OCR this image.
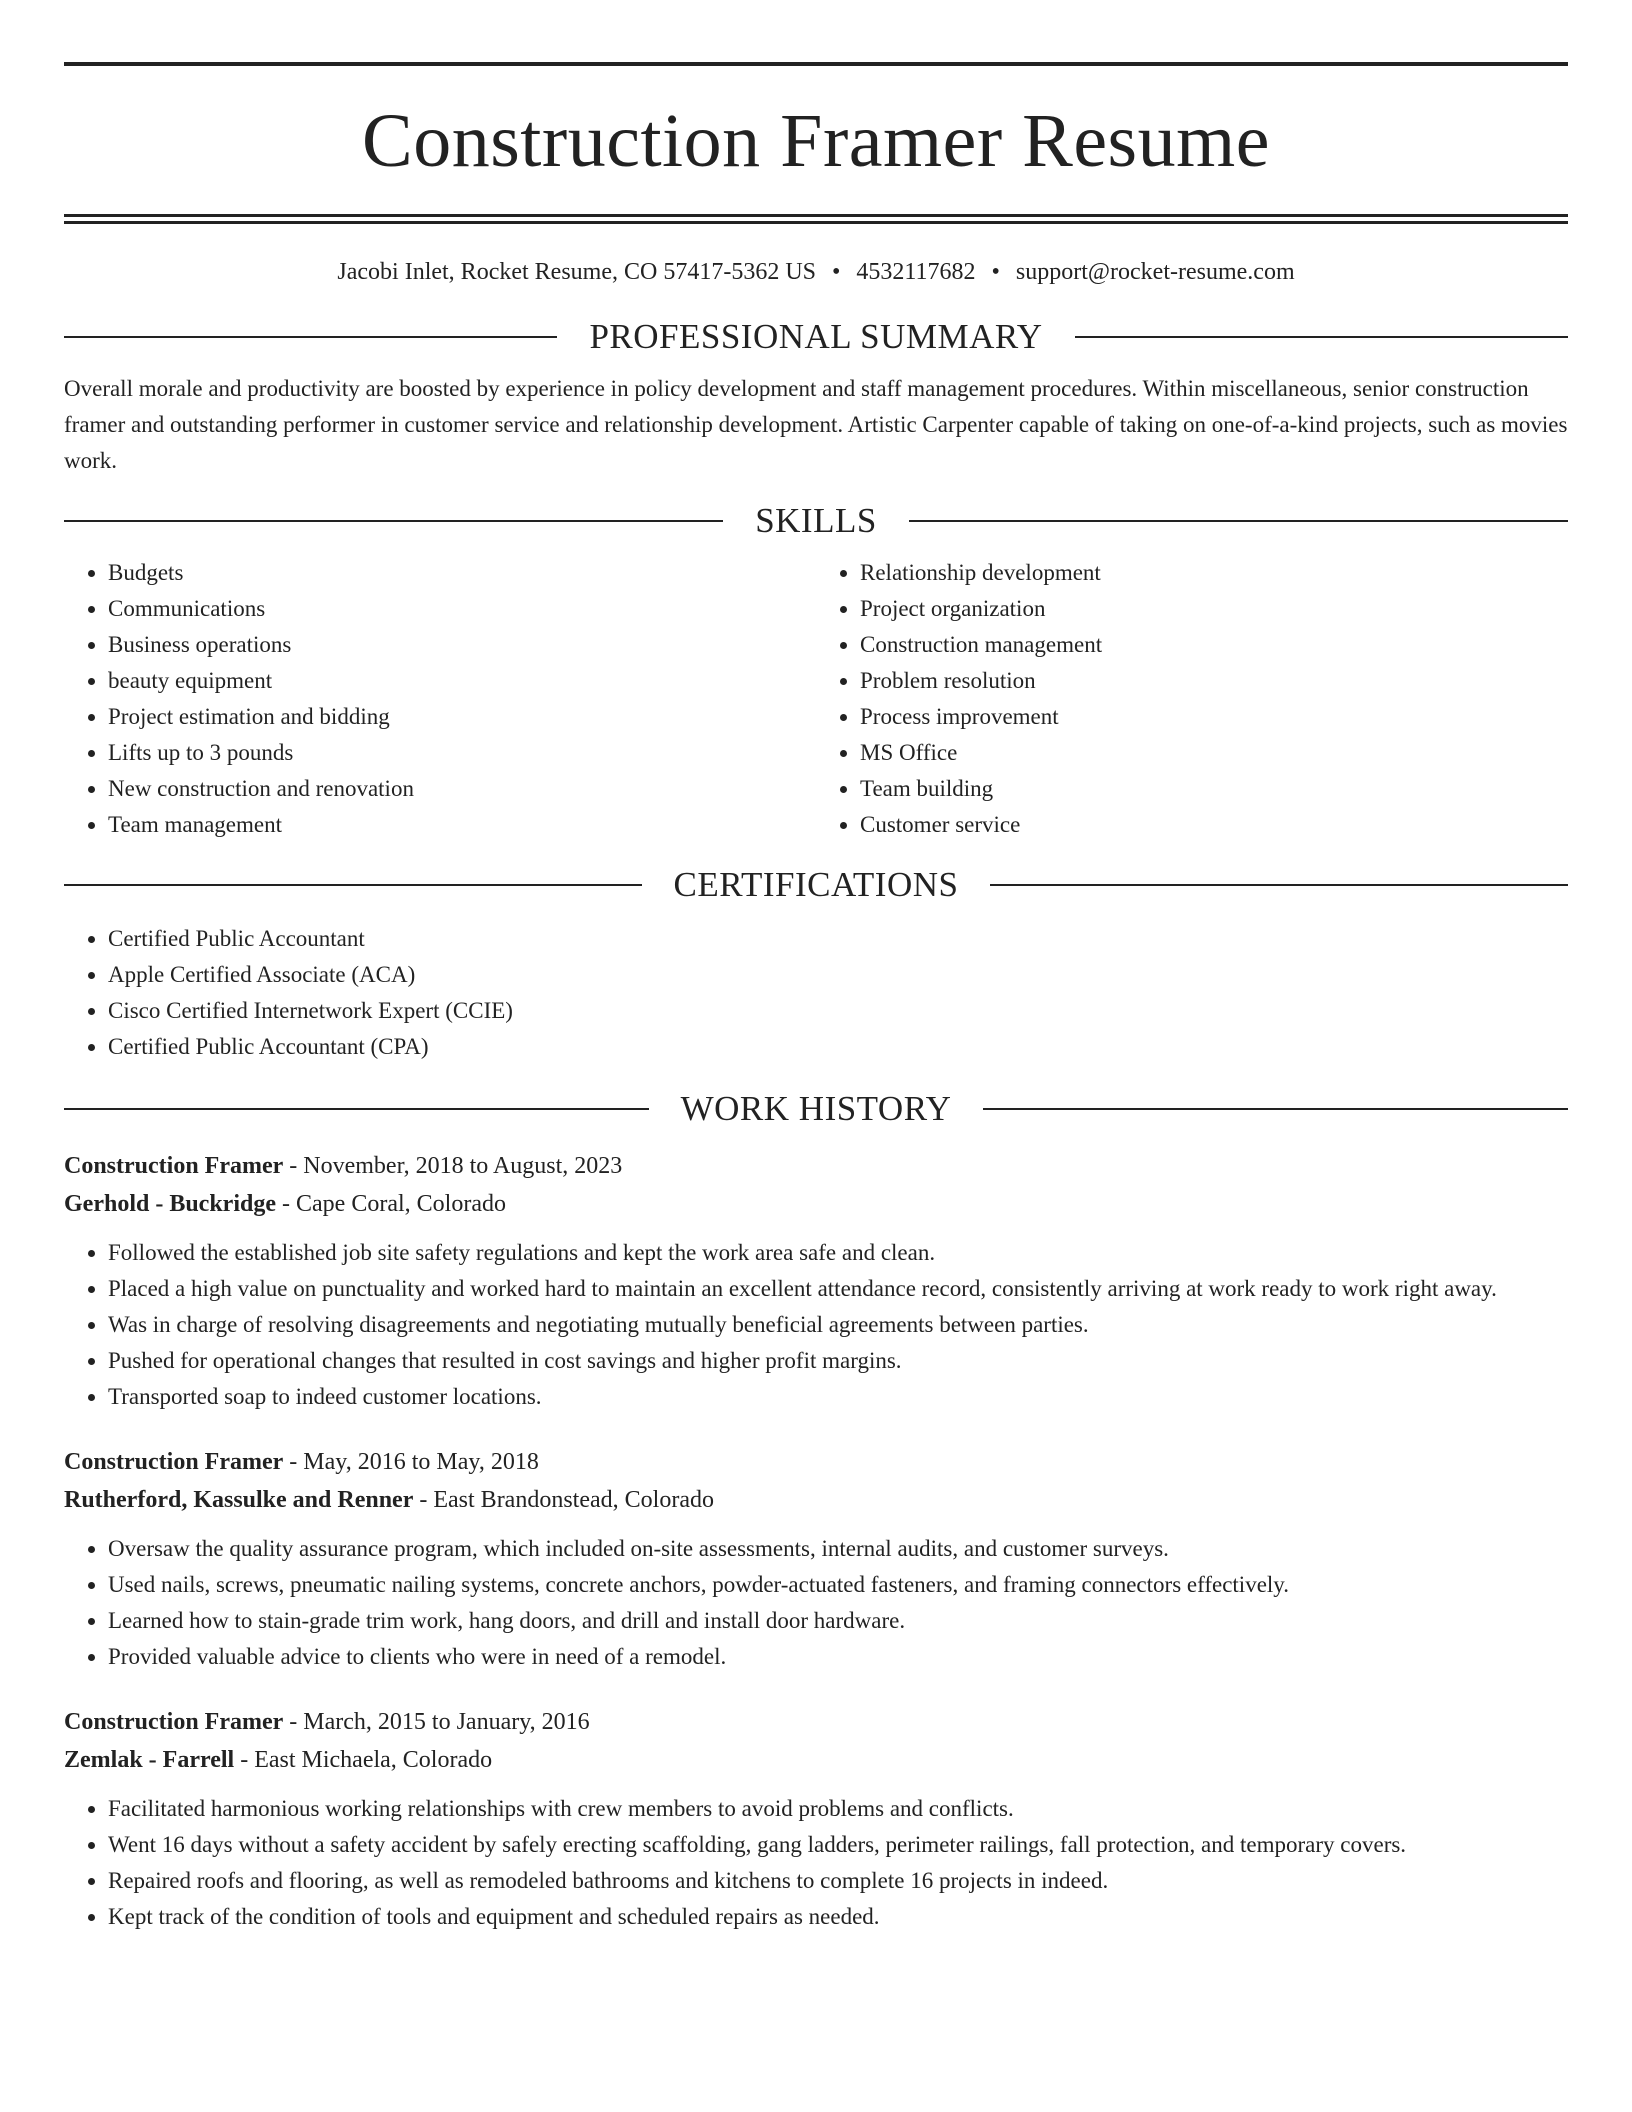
Construction Framer Resume
Jacobi Inlet, Rocket Resume, CO 57417-5362 US • 4532117682 • support@rocket-resume.com
PROFESSIONAL SUMMARY

Overall morale and productivity are boosted by experience in policy development and staff management procedures. Within miscellaneous, senior construction framer and outstanding performer in customer service and relationship development. Artistic Carpenter capable of taking on one-of-a-kind projects, such as movies work.

SKILLS
• Budgets
• Communications
• Business operations
• beauty equipment
• Project estimation and bidding
• Lifts up to 3 pounds
• New construction and renovation
• Team management
• Relationship development
• Project organization
• Construction management
• Problem resolution
• Process improvement
• MS Office
• Team building
• Customer service
CERTIFICATIONS
• Certified Public Accountant
• Apple Certified Associate (ACA)
• Cisco Certified Internetwork Expert (CCIE)
• Certified Public Accountant (CPA)
WORK HISTORY
Construction Framer - November, 2018 to August, 2023
Gerhold - Buckridge - Cape Coral, Colorado
• Followed the established job site safety regulations and kept the work area safe and clean.
• Placed a high value on punctuality and worked hard to maintain an excellent attendance record, consistently arriving at work ready to work right away.
• Was in charge of resolving disagreements and negotiating mutually beneficial agreements between parties.
• Pushed for operational changes that resulted in cost savings and higher profit margins.
• Transported soap to indeed customer locations.
Construction Framer - May, 2016 to May, 2018
Rutherford, Kassulke and Renner - East Brandonstead, Colorado
• Oversaw the quality assurance program, which included on-site assessments, internal audits, and customer surveys.
• Used nails, screws, pneumatic nailing systems, concrete anchors, powder-actuated fasteners, and framing connectors effectively.
• Learned how to stain-grade trim work, hang doors, and drill and install door hardware.
• Provided valuable advice to clients who were in need of a remodel.
Construction Framer - March, 2015 to January, 2016
Zemlak - Farrell - East Michaela, Colorado
• Facilitated harmonious working relationships with crew members to avoid problems and conflicts.
• Went 16 days without a safety accident by safely erecting scaffolding, gang ladders, perimeter railings, fall protection, and temporary covers.
• Repaired roofs and flooring, as well as remodeled bathrooms and kitchens to complete 16 projects in indeed.
• Kept track of the condition of tools and equipment and scheduled repairs as needed.
